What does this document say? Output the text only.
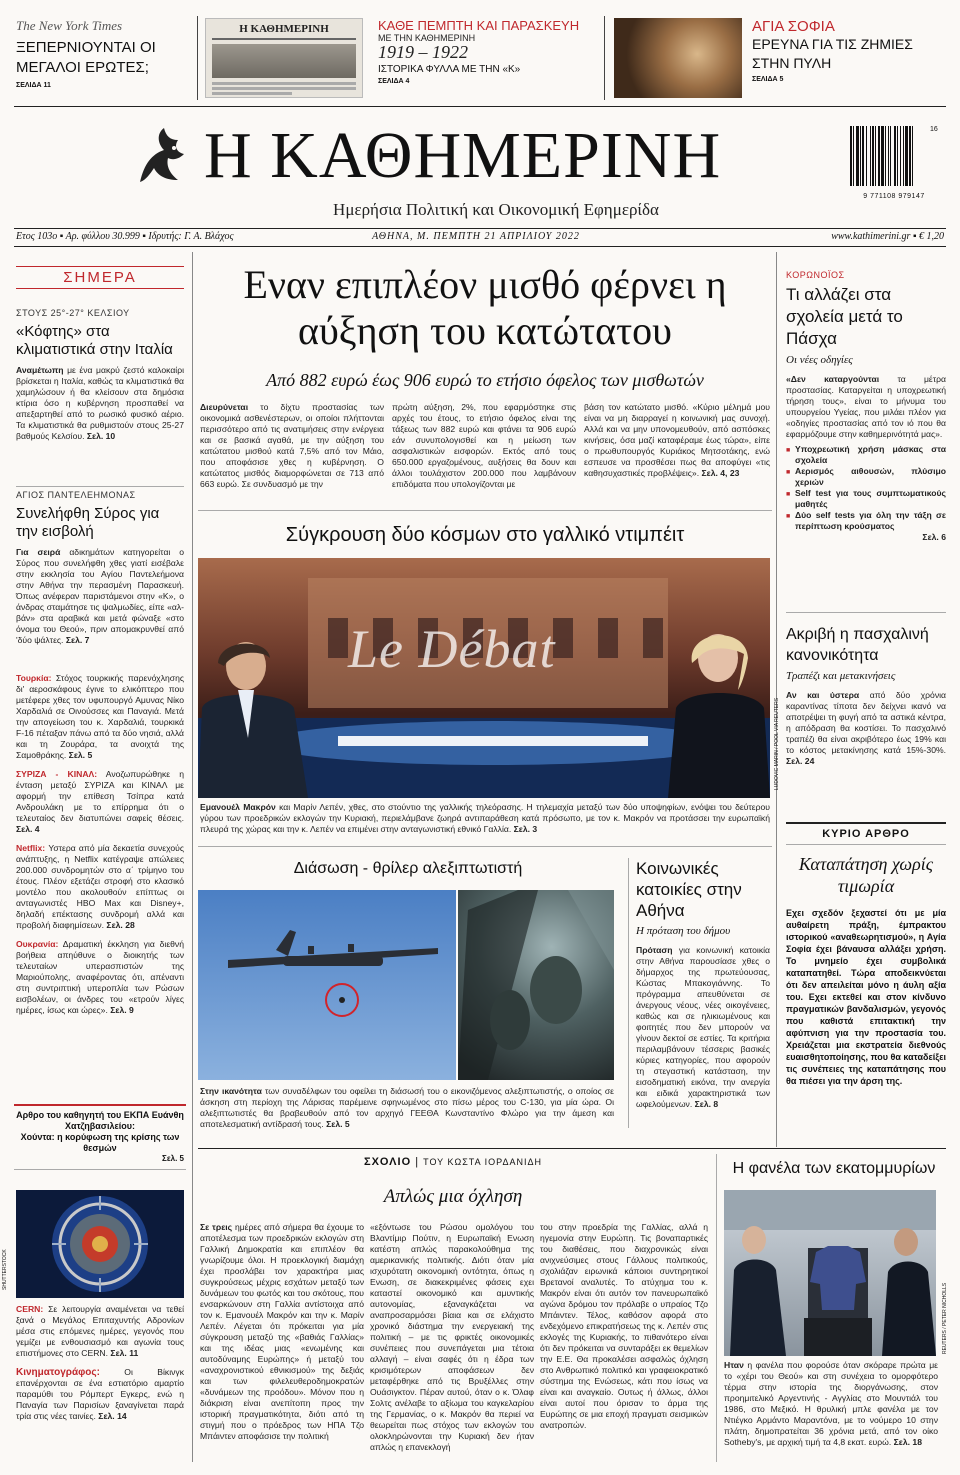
The New York Times
ΞΕΠΕΡΝΙΟΥΝΤΑΙ ΟΙ ΜΕΓΑΛΟΙ ΕΡΩΤΕΣ;
ΣΕΛΙΔΑ 11
Η ΚΑΘΗΜΕΡΙΝΗ	ΚΑΘΕ ΠΕΜΠΤΗ ΚΑΙ ΠΑΡΑΣΚΕΥΗ
ΜΕ ΤΗΝ ΚΑΘΗΜΕΡΙΝΗ
1919 – 1922
ΙΣΤΟΡΙΚΑ ΦΥΛΛΑ ΜΕ ΤΗΝ «Κ»
ΣΕΛΙΔΑ 4
ΑΓΙΑ ΣΟΦΙΑ
ΕΡΕΥΝΑ ΓΙΑ ΤΙΣ ΖΗΜΙΕΣ ΣΤΗΝ ΠΥΛΗ
ΣΕΛΙΔΑ 5
Η ΚΑΘΗΜΕΡΙΝΗ
Ημερήσια Πολιτική και Οικονομική Εφημερίδα
9 771108 979147
16
Ετος 103ο ▪ Αρ. φύλλου 30.999 ▪ Ιδρυτής: Γ. Α. Βλάχος	ΑΘΗΝΑ, Μ. ΠΕΜΠΤΗ 21 ΑΠΡΙΛΙΟΥ 2022	www.kathimerini.gr ▪ € 1,20
ΣΗΜΕΡΑ
ΣΤΟΥΣ 25°-27° ΚΕΛΣΙΟΥ
«Κόφτης» στα κλιματιστικά στην Ιταλία
Αναμέτωπη με ένα μακρύ ζεστό καλοκαίρι βρίσκεται η Ιταλία, καθώς τα κλιματιστικά θα χαμηλώσουν ή θα κλείσουν στα δημόσια κτίρια όσο η κυβέρνηση προσπαθεί να απεξαρτηθεί από το ρωσικό φυσικό αέριο. Τα κλιματιστικά θα ρυθμιστούν στους 25-27 βαθμούς Κελσίου. Σελ. 10
ΑΓΙΟΣ ΠΑΝΤΕΛΕΗΜΟΝΑΣ
Συνελήφθη Σύρος για την εισβολή
Για σειρά αδικημάτων κατηγορείται ο Σύρος που συνελήφθη χθες γιατί εισέβαλε στην εκκλησία του Αγίου Παντελεήμονα στην Αθήνα την περασμένη Παρασκευή. Όπως ανέφεραν παριστάμενοι στην «Κ», ο άνδρας σταμάτησε τις ψαλμωδίες, είπε «αλ-βάν» στα αραβικά και μετά φώναξε «στο όνομα του Θεού», πριν απομακρυνθεί από 'δύο ψάλτες. Σελ. 7
Τουρκία: Στόχος τουρκικής παρενόχλησης δι' αεροσκάφους έγινε το ελικόπτερο που μετέφερε χθες τον υφυπουργό Αμυνας Νίκο Χαρδαλιά σε Οινούσσες και Παναγιά. Μετά την απογείωση του κ. Χαρδαλιά, τουρκικά F-16 πέταξαν πάνω από τα δύο νησιά, αλλά και τη Ζουράρα, τα ανοιχτά της Σαμοθράκης. Σελ. 5
ΣΥΡΙΖΑ - ΚΙΝΑΛ: Ανοζωπυρώθηκε η ένταση μεταξύ ΣΥΡΙΖΑ και ΚΙΝΑΛ με αφορμή την επίθεση Τσίπρα κατά Ανδρουλάκη με το επίρρημα ότι ο τελευταίος δεν διατυπώνει σαφείς θέσεις. Σελ. 4
Netflix: Υστερα από μία δεκαετία συνεχούς ανάπτυξης, η Netflix κατέγραψε απώλειες 200.000 συνδρομητών στο α΄ τρίμηνο του έτους. Πλέον εξετάζει στροφή στο κλασικό μοντέλο που ακολουθούν επίπτως οι ανταγωνιστές HBO Max και Disney+, δηλαδή επέκτασης συνδρομή αλλά και προβολή διαφημίσεων. Σελ. 28
Ουκρανία: Δραματική έκκληση για διεθνή βοήθεια απηύθυνε ο διοικητής των τελευταίων υπερασπιστών της Μαριούπολης, αναφέροντας ότι, απέναντι στη συντριπτική υπεροπλία των Ρώσων εισβολέων, οι άνδρες του «ετρούν λίγες ημέρες, ίσως και ώρες». Σελ. 9
Αρθρο του καθηγητή του ΕΚΠΑ Ευάνθη Χατζηβασιλείου:
Χούντα: η κορύφωση της κρίσης των θεσμών
Σελ. 5
SHUTTERSTOCK
CERN: Σε λειτουργία αναμένεται να τεθεί ξανά ο Μεγάλος Επιταχυντής Αδρονίων μέσα στις επόμενες ημέρες, γεγονός που γεμίζει με ενθουσιασμό και αγωνία τους επιστήμονες στο CERN. Σελ. 11
Κινηματογράφος:	Οι Βίκινγκ επανέρχονται σε ένα εστιατόριο αμαρτίο παραμύθι του Ρόμπερτ Εγκερς, ενώ η Παναγία των Παρισίων ξαναγίνεται παρά τρία στις νέες ταινίες. Σελ. 14
Εναν επιπλέον μισθό φέρνει η αύξηση του κατώτατου
Από 882 ευρώ έως 906 ευρώ το ετήσιο όφελος των μισθωτών
Διευρύνεται το δίχτυ προστασίας των οικονομικά ασθενέστερων, οι οποίοι πλήττονται περισσότερο από τις ανατιμήσεις στην ενέργεια και σε βασικά αγαθά, με την αύξηση του κατώτατου μισθού κατά 7,5% από τον Μάιο, που αποφάσισε χθες η κυβέρνηση. Ο κατώτατος μισθός διαμορφώνεται σε 713 από 663 ευρώ. Σε συνδυασμό με την
πρώτη αύξηση, 2%, που εφαρμόστηκε στις αρχές του έτους, το ετήσιο όφελος είναι της τάξεως των 882 ευρώ και φτάνει τα 906 ευρώ εάν συνυπολογισθεί και η μείωση των ασφαλιστικών εισφορών. Εκτός από τους 650.000 εργαζομένους, αυξήσεις θα δουν και άλλοι τουλάχιστον 200.000 που λαμβάνουν επιδόματα που υπολογίζονται με
βάση τον κατώτατο μισθό. «Κύριο μέλημά μου είναι να μη διαρραγεί η κοινωνική μας συνοχή. Αλλά και να μην υπονομευθούν, από ασπόσκες κινήσεις, όσα μαζί καταφέραμε έως τώρα», είπε ο πρωθυπουργός Κυριάκος Μητσοτάκης, ενώ εσπευσε να προσθέσει πως θα αποφύγει «τις καθησυχαστικές προβλέψεις». Σελ. 4, 23
Σύγκρουση δύο κόσμων στο γαλλικό ντιμπέιτ
Le Débat
LUDOVIC MARIN / POOL VIA REUTERS
Εμανουέλ Μακρόν και Μαρίν Λεπέν, χθες, στο στούντιο της γαλλικής τηλεόρασης. Η τηλεμαχία μεταξύ των δύο υποψηφίων, ενόψει του δεύτερου γύρου των προεδρικών εκλογών την Κυριακή, περιελάμβανε ζωηρά αντιπαράθεση κατά πρόσωπο, με τον κ. Μακρόν να προτάσσει την ευρωπαϊκή πλευρά της χώρας και την κ. Λεπέν να επιμένει στην ανταγωνιστική εθνικό Γαλλία. Σελ. 3
Διάσωση - θρίλερ αλεξιπτωτιστή
Στην ικανότητα των συναδέλφων του οφείλει τη διάσωσή του ο εικονιζόμενος αλεξιπτωτιστής, ο οποίος σε άσκηση στη περίοχη της Λάρισας παρέμεινε σφηνωμένος στο πίσω μέρος του C-130, για μία ώρα. Οι αλεξιπτωτιστές θα βραβευθούν από τον αρχηγό ΓΕΕΘΑ Κωνσταντίνο Φλώρο για την άμεση και αποτελεσματική αντίδρασή τους. Σελ. 5
Κοινωνικές κατοικίες στην Αθήνα
Η πρόταση του δήμου
Πρόταση για κοινωνική κατοικία στην Αθήνα παρουσίασε χθες ο δήμαρχος της πρωτεύουσας, Κώστας Μπακογιάννης. Το πρόγραμμα απευθύνεται σε άνεργους νέους, νέες οικογένειες, καθώς και σε ηλικιωμένους και φοιτητές που δεν μπορούν να γίνουν δεκτοί σε εστίες. Τα κριτήρια περιλαμβάνουν τέσσερις βασικές κύριες κατηγορίες, που αφορούν τη στεγαστική κατάσταση, την εισοδηματική εικόνα, την ανεργία και ειδικά χαρακτηριστικά των ωφελούμενων. Σελ. 8
ΚΟΡΩΝΟΪΟΣ
Τι αλλάζει στα σχολεία μετά το Πάσχα
Οι νέες οδηγίες
«Δεν καταργούνται τα μέτρα προστασίας. Καταργείται η υποχρεωτική τήρηση τους», είναι το μήνυμα του υπουργείου Υγείας, που μιλάει πλέον για «οδηγίες προστασίας από τον ιό που θα εφαρμόζουμε στην καθημερινότητά μας».
■ Υποχρεωτική χρήση μάσκας στα σχολεία
■ Αερισμός αιθουσών, πλύσιμο χεριών
■ Self test για τους συμπτωματικούς μαθητές
■ Δύο self tests για όλη την τάξη σε περίπτωση κρούσματος
Σελ. 6
Ακριβή η πασχαλινή κανονικότητα
Τραπέζι και μετακινήσεις
Αν και ύστερα από δύο χρόνια καραντίνας τίποτα δεν δείχνει ικανό να αποτρέψει τη φυγή από τα αστικά κέντρα, η απόδραση θα κοστίσει. Το πασχαλινό τραπέζι θα είναι ακριβότερο έως 19% και το κόστος μετακίνησης κατά 15%-30%. Σελ. 24
ΚΥΡΙΟ ΑΡΘΡΟ
Καταπάτηση χωρίς τιμωρία
Εχει σχεδόν ξεχαστεί ότι με μία αυθαίρετη πράξη, έμπρακτου ιστορικού «αναθεωρητισμού», η Αγία Σοφία έχει βάναυσα αλλάξει χρήση. Το μνημείο έχει συμβολικά καταπατηθεί. Τώρα αποδεικνύεται ότι δεν απειλείται μόνο η άυλη αξία του. Εχει εκτεθεί και στον κίνδυνο πραγματικών βανδαλισμών, γεγονός που καθιστά επιτακτική την αφύπνιση για την προστασία του. Χρειάζεται μια εκστρατεία διεθνούς ευαισθητοποίησης, που θα καταδείξει τις συνέπειες της καταπάτησης που θα πιέσει για την άρση της.
ΣΧΟΛΙΟ | ΤΟΥ ΚΩΣΤΑ ΙΟΡΔΑΝΙΔΗ
Απλώς μια όχληση
Σε τρεις ημέρες από σήμερα θα έχουμε το αποτέλεσμα των προεδρικών εκλογών στη Γαλλική Δημοκρατία και επιπλέον θα γνωρίζουμε όλοι. Η προεκλογική διαμάχη έχει προσλάβει τον χαρακτήρα μιας συγκρούσεως μέχρις εσχάτων μεταξύ των δυνάμεων του φωτός και του σκότους, που ενσαρκώνουν στη Γαλλία αντίστοιχα από τον κ. Εμανουέλ Μακρόν και την κ. Μαρίν Λεπέν. Λέγεται ότι πρόκειται για μία σύγκρουση μεταξύ της «βαθιάς Γαλλίας» και της ιδέας μιας «ενωμένης και αυτοδύναμης Ευρώπης» ή μεταξύ του «αναχρονιστικού εθνικισμού» της δεξιάς και των φιλελευθεροδημοκρατών «δυνάμεων της προόδου». Μόνον που η διάκριση είναι ανεπίτοπη προς την ιστορική πραγματικότητα, διότι από τη στιγμή που ο πρόεδρος των ΗΠΑ Τζο Μπάιντεν αποφάσισε την πολιτική
«εξόντωσε του Ρώσου ομολόγου του Βλαντίμιρ Πούτιν, η Ευρωπαϊκή Ενωση κατέστη απλώς παρακολούθημα της αμερικανικής πολιτικής. Διότι όταν μία ισχυρότατη οικονομική οντότητα, όπως η Ενωση, σε διακεκριμένες φάσεις εχει καταστεί οικονομικό και αμυντικής αυτονομίας, εξαναγκάζεται να αναπροσαρμόσει βίαια και σε ελάχιστο χρονικό διάστημα την ενεργειακή της πολιτική – με τις φρικτές οικονομικές συνέπειες που συνεπάγεται μια τέτοια αλλαγή – είναι σαφές ότι η έδρα των κρισιμότερων αποφάσεων δεν μεταφέρθηκε από τις Βρυξέλλες στην Ουάσιγκτον. Πέραν αυτού, όταν ο κ. Όλαφ Σολτς ανέλαβε το αξίωμα του καγκελαρίου της Γερμανίας, ο κ. Μακρόν θα περιεί να θεωρείται πως στόχος των εκλογών του ολοκληρώνονται την Κυριακή δεν ήταν απλώς η επανεκλογή
του στην προεδρία της Γαλλίας, αλλά η ηγεμονία στην Ευρώπη. Τις βοναπαρτικές του διαθέσεις, που διαχρονικώς είναι ανιχνεύσιμες στους Γάλλους πολιτικούς, σχολιάζαν ειρωνικά κάποιοι συντηρητικοί Βρετανοί αναλυτές. Το ατύχημα του κ. Μακρόν είναι ότι αυτόν τον πανευρωπαϊκό αγώνα δρόμου τον πρόλαβε ο υπραίος Τζο Μπάιντεν. Τέλος, καθόσον αφορά στο ενδεχόμενο επικρατήσεως της κ. Λεπέν στις εκλογές της Κυριακής, το πιθανότερο είναι ότι δεν πρόκειται να συνταράξει εκ θεμελίων την Ε.Ε. Θα προκαλέσει ασφαλώς όχληση στο Ανθρωπικό πολιτικό και γραφειοκρατικό σύστημα της Ενώσεως, κάτι που ίσως να είναι και αναγκαίο. Ουτως ή άλλως, άλλοι είναι αυτοί που όρισαν το άρμα της Ευρώπης σε μια εποχή πραγματι σεισμικών ανατροπών.
Η φανέλα των εκατομμυρίων
REUTERS / PETER NICHOLLS
Ηταν η φανέλα που φορούσε όταν σκόραρε πρώτα με το «χέρι του Θεού» και στη συνέχεια το ομορφότερο τέρμα στην ιστορία της διοργάνωσης, στον προημιτελικό Αργεντινής - Αγγλίας στο Μουντιάλ του 1986, στο Μεξικό. Η θρυλική μπλε φανέλα με τον Ντιέγκο Αρμάντο Μαραντόνα, με το νούμερο 10 στην πλάτη, δημοπρατείται 36 χρόνια μετά, από τον οίκο Sotheby's, με αρχική τιμή τα 4,8 εκατ. ευρώ. Σελ. 18
